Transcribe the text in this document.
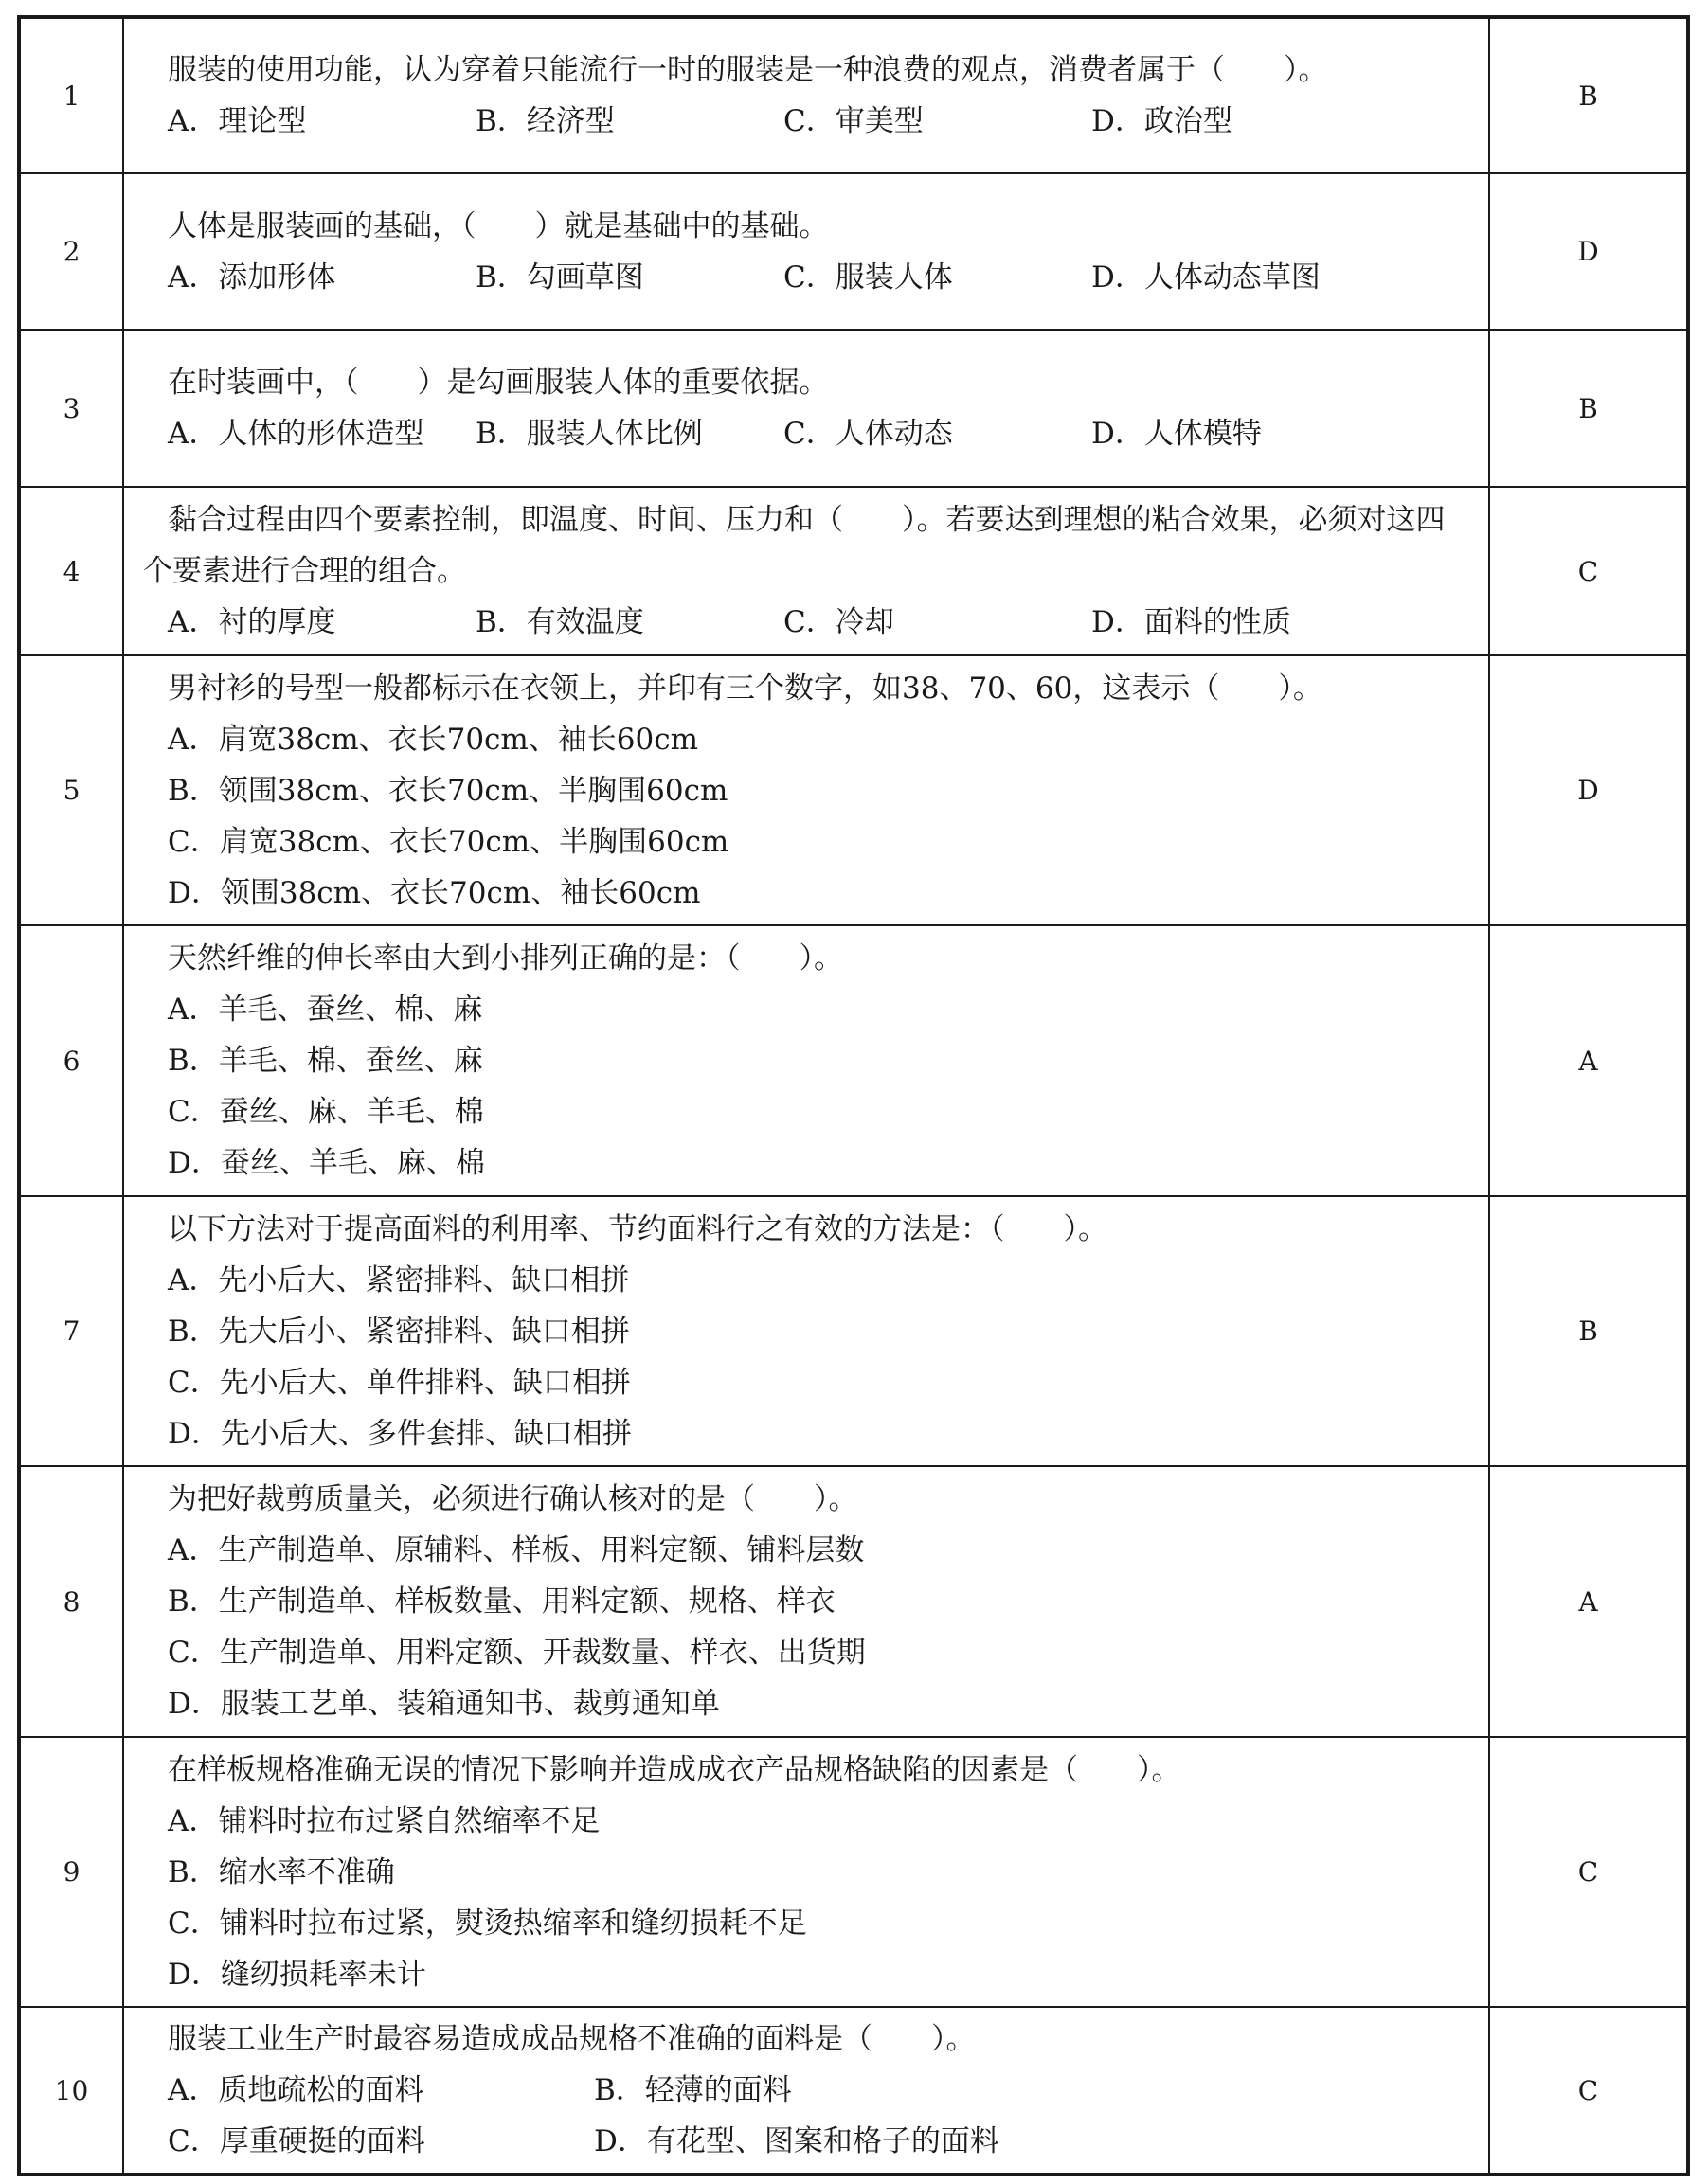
1	服装的使用功能，认为穿着只能流行一时的服装是一种浪费的观点，消费者属于（　　）。
A．理论型 B．经济型 C．审美型 D．政治型	B
2	人体是服装画的基础，（　　）就是基础中的基础。
A．添加形体 B．勾画草图 C．服装人体 D．人体动态草图	D
3	在时装画中，（　　）是勾画服装人体的重要依据。
A．人体的形体造型 B．服装人体比例 C．人体动态 D．人体模特	B
4	黏合过程由四个要素控制，即温度、时间、压力和（　　）。若要达到理想的粘合效果，必须对这四个要素进行合理的组合。
A．衬的厚度 B．有效温度 C．冷却 D．面料的性质	C
5	男衬衫的号型一般都标示在衣领上，并印有三个数字，如38、70、60，这表示（　　）。
A．肩宽38cm、衣长70cm、袖长60cm
B．领围38cm、衣长70cm、半胸围60cm
C．肩宽38cm、衣长70cm、半胸围60cm
D．领围38cm、衣长70cm、袖长60cm	D
6	天然纤维的伸长率由大到小排列正确的是：（　　）。
A．羊毛、蚕丝、棉、麻
B．羊毛、棉、蚕丝、麻
C．蚕丝、麻、羊毛、棉
D．蚕丝、羊毛、麻、棉	A
7	以下方法对于提高面料的利用率、节约面料行之有效的方法是：（　　）。
A．先小后大、紧密排料、缺口相拼
B．先大后小、紧密排料、缺口相拼
C．先小后大、单件排料、缺口相拼
D．先小后大、多件套排、缺口相拼	B
8	为把好裁剪质量关，必须进行确认核对的是（　　）。
A．生产制造单、原辅料、样板、用料定额、铺料层数
B．生产制造单、样板数量、用料定额、规格、样衣
C．生产制造单、用料定额、开裁数量、样衣、出货期
D．服装工艺单、装箱通知书、裁剪通知单	A
9	在样板规格准确无误的情况下影响并造成成衣产品规格缺陷的因素是（　　）。
A．铺料时拉布过紧自然缩率不足
B．缩水率不准确
C．铺料时拉布过紧，熨烫热缩率和缝纫损耗不足
D．缝纫损耗率未计	C
10	服装工业生产时最容易造成成品规格不准确的面料是（　　）。
A．质地疏松的面料 B．轻薄的面料
C．厚重硬挺的面料 D．有花型、图案和格子的面料	C
